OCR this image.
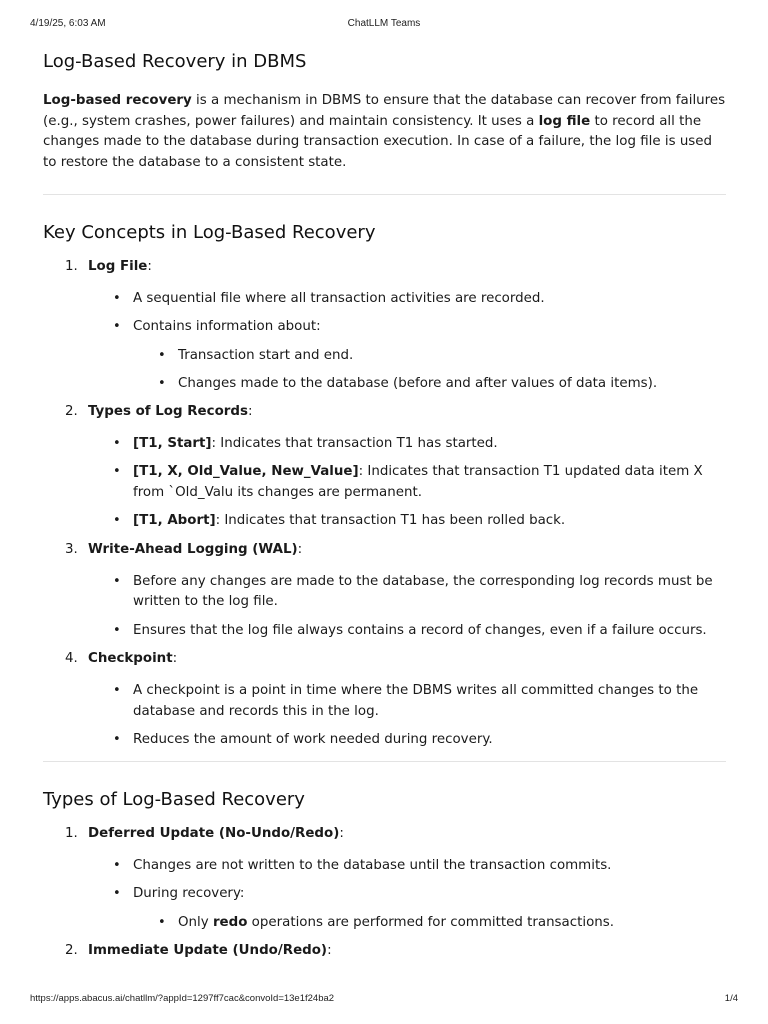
4/19/25, 6:03 AM	ChatLLM Teams
Log-Based Recovery in DBMS

Log-based recovery is a mechanism in DBMS to ensure that the database can recover from failures (e.g., system crashes, power failures) and maintain consistency. It uses a log file to record all the changes made to the database during transaction execution. In case of a failure, the log file is used to restore the database to a consistent state.

Key Concepts in Log-Based Recovery
1. Log File:
• A sequential file where all transaction activities are recorded.
• Contains information about:
• Transaction start and end.
• Changes made to the database (before and after values of data items).
2. Types of Log Records:
• [T1, Start]: Indicates that transaction T1 has started.
• [T1, X, Old_Value, New_Value]: Indicates that transaction T1 updated data item X from `Old_Valu its changes are permanent.
• [T1, Abort]: Indicates that transaction T1 has been rolled back.
3. Write-Ahead Logging (WAL):
• Before any changes are made to the database, the corresponding log records must be written to the log file.
• Ensures that the log file always contains a record of changes, even if a failure occurs.
4. Checkpoint:
• A checkpoint is a point in time where the DBMS writes all committed changes to the database and records this in the log.
• Reduces the amount of work needed during recovery.
Types of Log-Based Recovery
1. Deferred Update (No-Undo/Redo):
• Changes are not written to the database until the transaction commits.
• During recovery:
• Only redo operations are performed for committed transactions.
2. Immediate Update (Undo/Redo):
https://apps.abacus.ai/chatllm/?appId=1297ff7cac&convoId=13e1f24ba2	1/4
